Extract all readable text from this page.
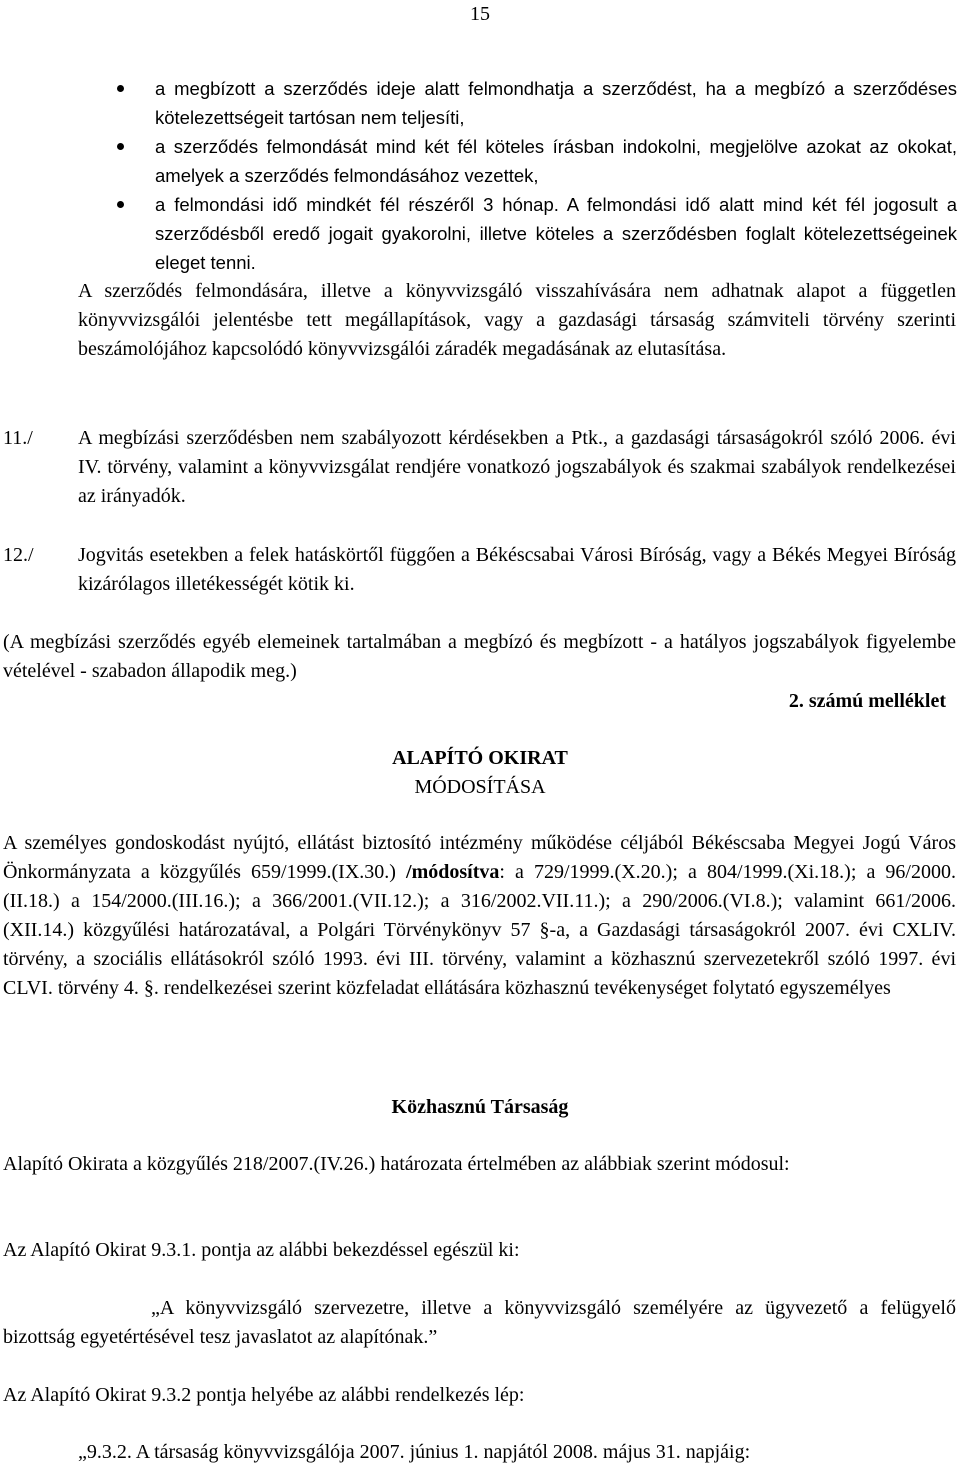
15
a megbízott a szerződés ideje alatt felmondhatja a szerződést, ha a megbízó a szerződéses kötelezettségeit tartósan nem teljesíti,
a szerződés felmondását mind két fél köteles írásban indokolni, megjelölve azokat az okokat, amelyek a szerződés felmondásához vezettek,
a felmondási idő mindkét fél részéről 3 hónap. A felmondási idő alatt mind két fél jogosult a szerződésből eredő jogait gyakorolni, illetve köteles a szerződésben foglalt kötelezettségeinek eleget tenni.
A szerződés felmondására, illetve a könyvvizsgáló visszahívására nem adhatnak alapot a független könyvvizsgálói jelentésbe tett megállapítások, vagy a gazdasági társaság számviteli törvény szerinti beszámolójához kapcsolódó könyvvizsgálói záradék megadásának az elutasítása.
11./ A megbízási szerződésben nem szabályozott kérdésekben a Ptk., a gazdasági társaságokról szóló 2006. évi IV. törvény, valamint a könyvvizsgálat rendjére vonatkozó jogszabályok és szakmai szabályok rendelkezései az irányadók.
12./ Jogvitás esetekben a felek hatáskörtől függően a Békéscsabai Városi Bíróság, vagy a Békés Megyei Bíróság kizárólagos illetékességét kötik ki.
(A megbízási szerződés egyéb elemeinek tartalmában a megbízó és megbízott - a hatályos jogszabályok figyelembe vételével - szabadon állapodik meg.)
2. számú melléklet
ALAPÍTÓ OKIRAT
MÓDOSÍTÁSA
A személyes gondoskodást nyújtó, ellátást biztosító intézmény működése céljából Békéscsaba Megyei Jogú Város Önkormányzata a közgyűlés 659/1999.(IX.30.) /módosítva: a 729/1999.(X.20.); a 804/1999.(Xi.18.); a 96/2000.(II.18.) a 154/2000.(III.16.); a 366/2001.(VII.12.); a 316/2002.VII.11.); a 290/2006.(VI.8.); valamint 661/2006.(XII.14.) közgyűlési határozatával, a Polgári Törvénykönyv 57 §-a, a Gazdasági társaságokról 2007. évi CXLIV. törvény, a szociális ellátásokról szóló 1993. évi III. törvény, valamint a közhasznú szervezetekről szóló 1997. évi CLVI. törvény 4. §. rendelkezései szerint közfeladat ellátására közhasznú tevékenységet folytató egyszemélyes
Közhasznú Társaság
Alapító Okirata a közgyűlés 218/2007.(IV.26.) határozata értelmében az alábbiak szerint módosul:
Az Alapító Okirat 9.3.1. pontja az alábbi bekezdéssel egészül ki:
„A könyvvizsgáló szervezetre, illetve a könyvvizsgáló személyére az ügyvezető a felügyelő bizottság egyetértésével tesz javaslatot az alapítónak.”
Az Alapító Okirat 9.3.2 pontja helyébe az alábbi rendelkezés lép:
„9.3.2. A társaság könyvvizsgálója 2007. június 1. napjától 2008. május 31. napjáig:
